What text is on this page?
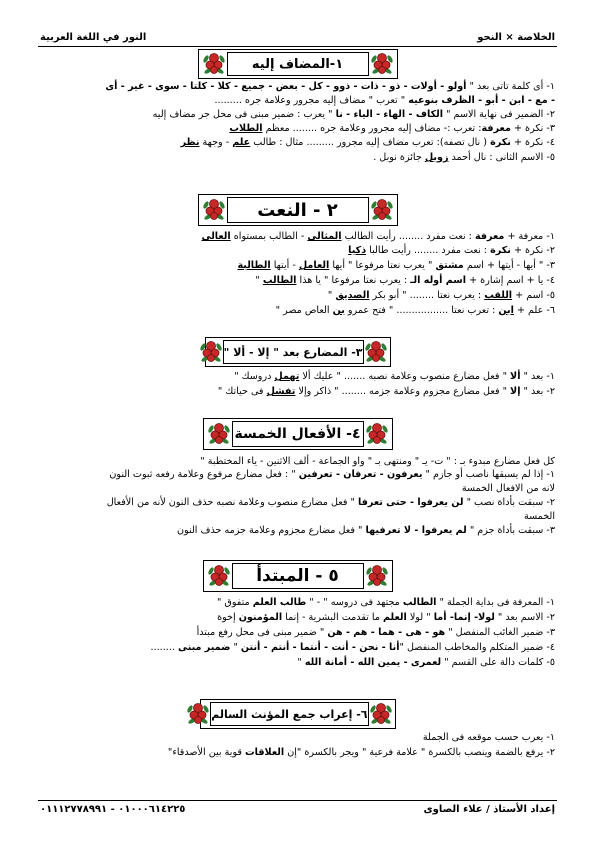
الخلاصة × النحو
النور في اللغة العربية
١-المضاف إليه
١- أى كلمة تاتى بعد " أولو - أولات - ذو - ذات - ذوو - كل - بعض - جميع - كلا - كلتا - سوى - غير - أى
- مع - ابن - أبو - الظرف بنوعيه " تعرب " مضاف إليه مجرور وعلامة جره .........
٢- الضمير فى نهاية الاسم " الكاف - الهاء - الياء - نا " يعرب : ضمير مبنى فى محل جر مضاف إليه
٣- نكرة + معرفة: تعرب :- مضاف إليه مجرور وعلامة جره ........ معظم الطلاب
٤- نكرة + نكرة ( نال تصفه): تعرب مضاف إليه مجرور ......... مثال : طالب علم - وجهة نظر
٥- الاسم الثانى : نال أحمد زويل جائزة نوبل .
٢ - النعت
١- معرفة + معرفة : نعت مفرد ........ رأيت الطالب المثالى - الطالب بمستواه العالى
٢- نكرة + نكرة : نعت مفرد ........ رأيت طالبا ذكيا
٣- " أيها - أيتها + اسم مشتق " يعرب نعتا مرفوعا " أيها العامل - أيتها الطالبة
٤- يا + اسم إشارة + اسم أوله الـ : يعرب نعتا مرفوعا " يا هذا الطالب "
٥- اسم + اللقب : يعرب نعتا ........ " أبو بكر الصديق "
٦- علم + ابن : تعرب نعتا ................. " فتح عمرو بن العاص مصر "
٣- المضارع بعد " إلا - ألا "
١- بعد " ألا " فعل مضارع منصوب وعلامة نصبه ....... " عليك ألا تهمل دروسك "
٢- بعد " إلا " فعل مضارع مجزوم وعلامة جزمه ........ " ذاكر وإلا تفشل فى حياتك "
٤- الأفعال الخمسة
كل فعل مضارع مبدوء بـ : " ت- يـ " ومنتهى بـ " واو الجماعة - ألف الاثنين - ياء المختطبة "
١- إذا لم يسبقها ناصب أو جازم " يعرفون - تعرفان - تعرفين " : فعل مضارع مرفوع وعلامة رفعه ثبوت النون
لانه من الافعال الخمسة
٢- سبقت بأداة نصب " لن يعرفوا - حتى تعرفا " فعل مضارع منصوب وعلامة نصبه حذف النون لأنه من الأفعال
الخمسة
٣- سبقت بأداة جزم " لم يعرفوا - لا تعرفيها " فعل مضارع مجزوم وعلامة جزمه حذف النون
٥ - المبتدأ
١- المعرفة فى بداية الجملة " الطالب مجتهد فى دروسه " - " طالب العلم متفوق "
٢- الاسم بعد " لولا- إنما- أما " لولا العلم ما تقدمت البشرية - إنما المؤمنون إخوة
٣- ضمير الغائب المنفصل " هو - هى - هما - هم - هن " ضمير مبنى فى محل رفع مبتدأ
٤- ضمير المتكلم والمخاطب المنفصل "أنا - نحن - أنت - أنتما - أنتم - أنتن " ضمير مبنى ........
٥- كلمات دالة على القسم " لعمرى - يمين الله - أمانة الله "
٦- إعراب جمع المؤنث السالم
١- يعرب حسب موقعه فى الجملة
٢- يرفع بالضمة وينصب بالكسرة " علامة فرعية " ويجر بالكسرة "إن العلاقات قوية بين الأصدقاء"
إعداد الأستاذ / علاء الصاوى
٠١٠٠٠٦١٤٢٢٥ - ٠١١١٢٧٧٨٩٩١
